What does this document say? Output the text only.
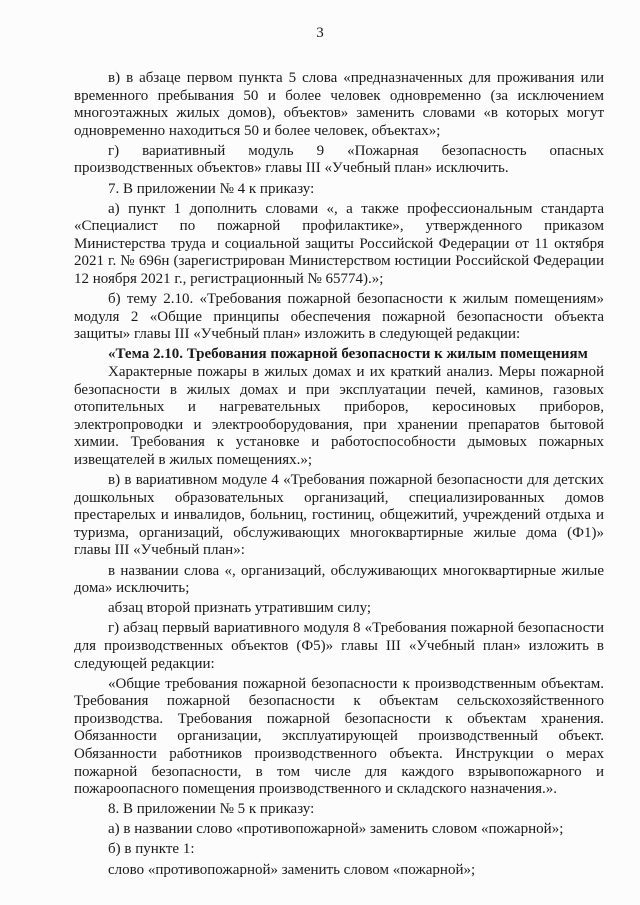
3

в) в абзаце первом пункта 5 слова «предназначенных для проживания или временного пребывания 50 и более человек одновременно (за исключением многоэтажных жилых домов), объектов» заменить словами «в которых могут одновременно находиться 50 и более человек, объектах»;

г) вариативный модуль 9 «Пожарная безопасность опасных производственных объектов» главы III «Учебный план» исключить.

7. В приложении № 4 к приказу:

а) пункт 1 дополнить словами «, а также профессиональным стандарта «Специалист по пожарной профилактике», утвержденного приказом Министерства труда и социальной защиты Российской Федерации от 11 октября 2021 г. № 696н (зарегистрирован Министерством юстиции Российской Федерации 12 ноября 2021 г., регистрационный № 65774).»;

б) тему 2.10. «Требования пожарной безопасности к жилым помещениям» модуля 2 «Общие принципы обеспечения пожарной безопасности объекта защиты» главы III «Учебный план» изложить в следующей редакции:

«Тема 2.10. Требования пожарной безопасности к жилым помещениям

Характерные пожары в жилых домах и их краткий анализ. Меры пожарной безопасности в жилых домах и при эксплуатации печей, каминов, газовых отопительных и нагревательных приборов, керосиновых приборов, электропроводки и электрооборудования, при хранении препаратов бытовой химии. Требования к установке и работоспособности дымовых пожарных извещателей в жилых помещениях.»;

в) в вариативном модуле 4 «Требования пожарной безопасности для детских дошкольных образовательных организаций, специализированных домов престарелых и инвалидов, больниц, гостиниц, общежитий, учреждений отдыха и туризма, организаций, обслуживающих многоквартирные жилые дома (Ф1)» главы III «Учебный план»:

в названии слова «, организаций, обслуживающих многоквартирные жилые дома» исключить;

абзац второй признать утратившим силу;

г) абзац первый вариативного модуля 8 «Требования пожарной безопасности для производственных объектов (Ф5)» главы III «Учебный план» изложить в следующей редакции:

«Общие требования пожарной безопасности к производственным объектам. Требования пожарной безопасности к объектам сельскохозяйственного производства. Требования пожарной безопасности к объектам хранения. Обязанности организации, эксплуатирующей производственный объект. Обязанности работников производственного объекта. Инструкции о мерах пожарной безопасности, в том числе для каждого взрывопожарного и пожароопасного помещения производственного и складского назначения.».

8. В приложении № 5 к приказу:

а) в названии слово «противопожарной» заменить словом «пожарной»;

б) в пункте 1:

слово «противопожарной» заменить словом «пожарной»;
